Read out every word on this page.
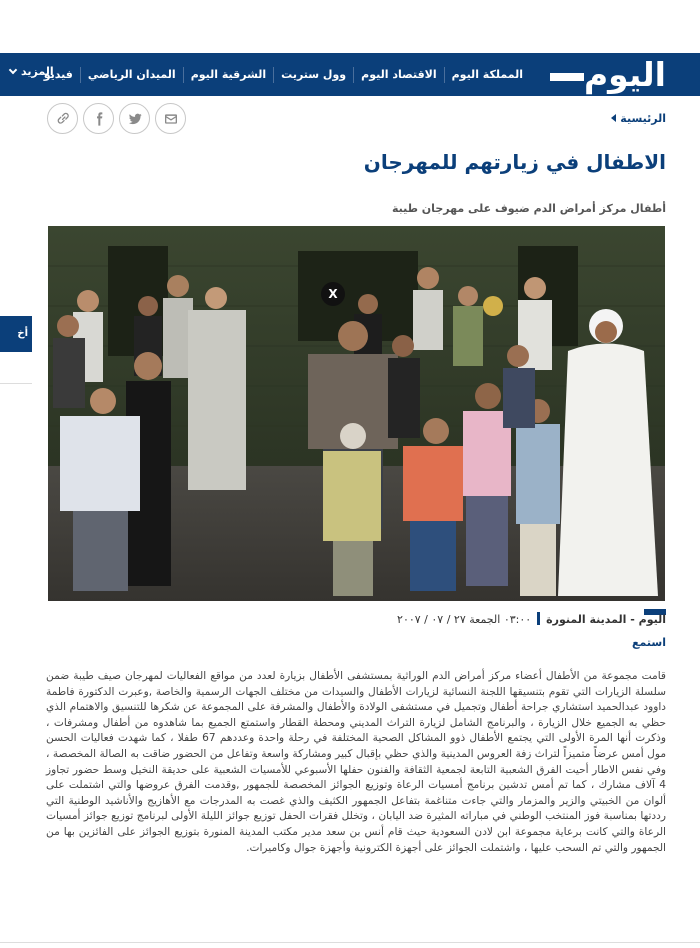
اليوم
المملكة اليوم
الاقتصاد اليوم
وول ستريت
الشرقية اليوم
الميدان الرياضي
فيديو
المزيد
الرئيسية
الاطفال في زيارتهم للمهرجان
أطفال مركز أمراض الدم ضيوف على مهرجان طيبة
أخ
X
اليوم - المدينة المنورة٠٣:٠٠ الجمعة ٢٧ / ٠٧ / ٢٠٠٧
استمع

قامت مجموعة من الأطفال أعضاء مركز أمراض الدم الوراثية بمستشفى الأطفال بزيارة لعدد من مواقع الفعاليات لمهرجان صيف طيبة ضمن سلسلة الزيارات التي تقوم بتنسيقها اللجنة النسائية لزيارات الأطفال والسيدات من مختلف الجهات الرسمية والخاصة ,وعبرت الدكتورة فاطمة داوود عبدالحميد استشاري جراحة أطفال وتجميل في مستشفى الولادة والأطفال والمشرفة على المجموعة عن شكرها للتنسيق والاهتمام الذي حظي به الجميع خلال الزيارة ، والبرنامج الشامل لزيارة التراث المديني ومحطة القطار واستمتع الجميع بما شاهدوه من أطفال ومشرفات ، وذكرت أنها المرة الأولى التي يجتمع الأطفال ذوو المشاكل الصحية المختلفة في رحلة واحدة وعددهم 67 طفلا ، كما شهدت فعاليات الحسن مول أمس عرضاً متميزاً لتراث زفة العروس المدينية والذي حظي بإقبال كبير ومشاركة واسعة وتفاعل من الحضور ضاقت به الصالة المخصصة ، وفي نفس الاطار أحيت الفرق الشعبية التابعة لجمعية الثقافة والفنون حفلها الأسبوعي للأمسيات الشعبية على حديقة النخيل وسط حضور تجاوز 4 آلاف مشارك ، كما تم أمس تدشين برنامج أمسيات الرعاة وتوزيع الجوائز المخصصة للجمهور ,وقدمت الفرق عروضها والتي اشتملت على ألوان من الخبيتي والزير والمزمار والتي جاءت متناغمة بتفاعل الجمهور الكثيف والذي غصت به المدرجات مع الأهازيج والأناشيد الوطنية التي رددتها بمناسبة فوز المنتخب الوطني في مباراته المثيرة ضد اليابان ، وتخلل فقرات الحفل توزيع جوائز الليلة الأولى لبرنامج توزيع جوائز أمسيات الرعاة والتي كانت برعاية مجموعة ابن لادن السعودية حيث قام أنس بن سعد مدير مكتب المدينة المنورة بتوزيع الجوائز على الفائزين بها من الجمهور والتي تم السحب عليها ، واشتملت الجوائز على أجهزة الكترونية وأجهزة جوال وكاميرات.
